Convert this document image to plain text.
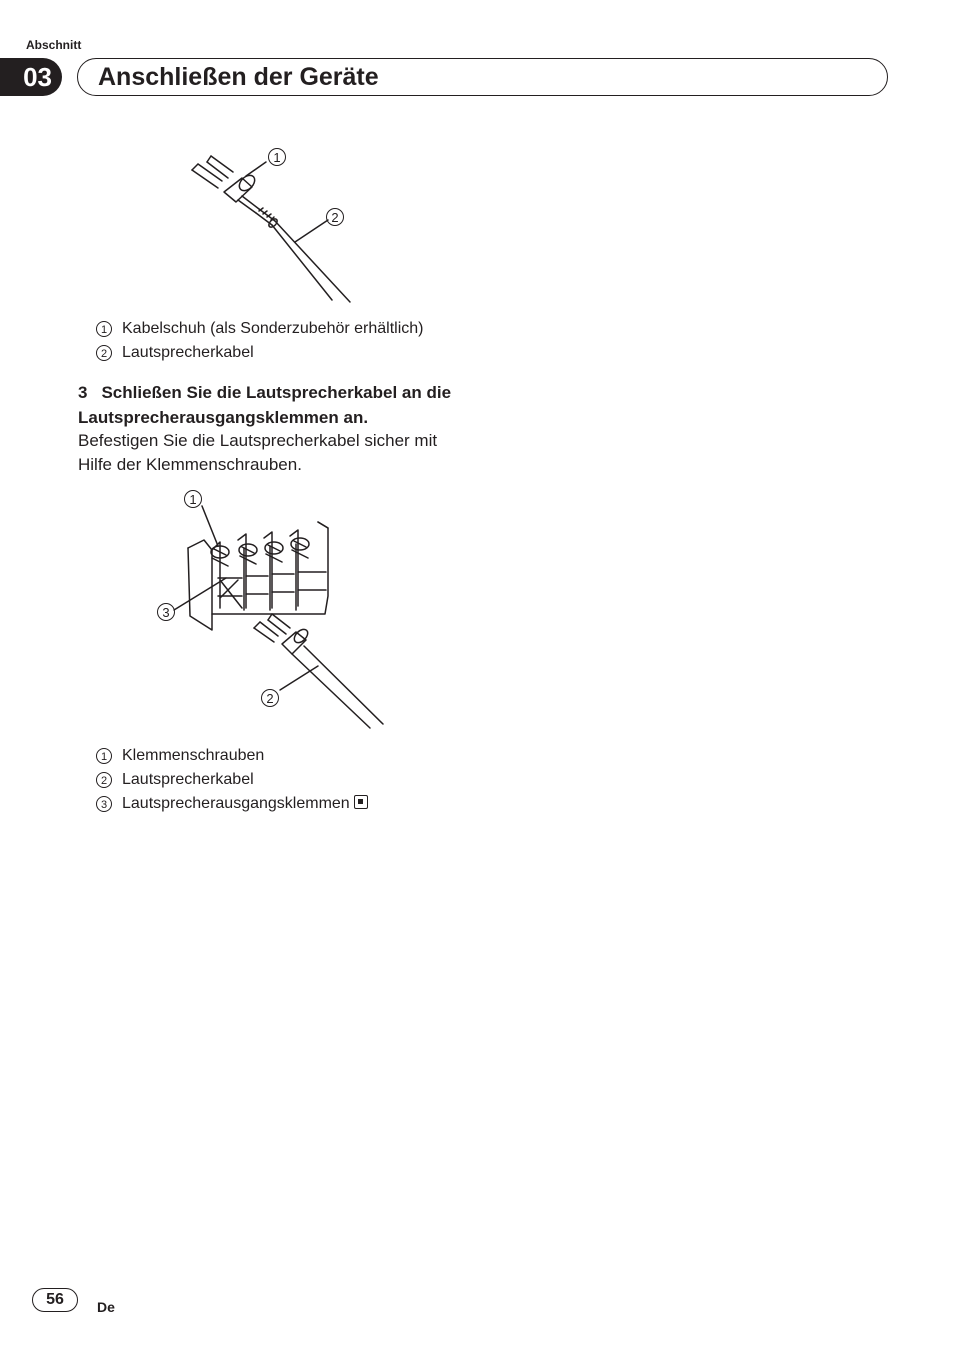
Abschnitt
03	Anschließen der Geräte
1
2
1 Kabelschuh (als Sonderzubehör erhältlich)
2 Lautsprecherkabel
3 Schließen Sie die Lautsprecherkabel an die Lautsprecherausgangsklemmen an.
Befestigen Sie die Lautsprecherkabel sicher mit Hilfe der Klemmenschrauben.
1
3
2
1 Klemmenschrauben
2 Lautsprecherkabel
3 Lautsprecherausgangsklemmen
56	De
